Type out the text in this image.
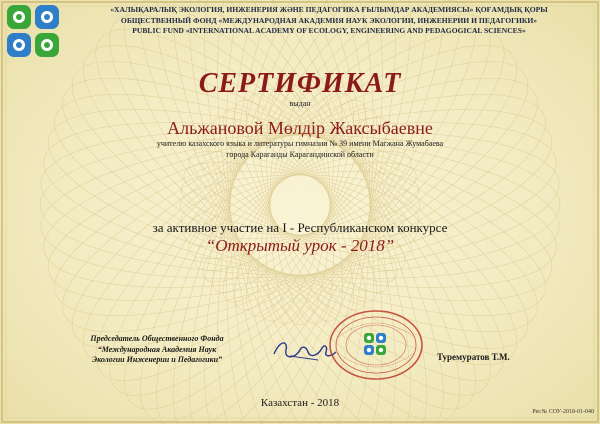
«ХАЛЫҚАРАЛЫҚ ЭКОЛОГИЯ, ИНЖЕНЕРИЯ ЖӘНЕ ПЕДАГОГИКА ҒЫЛЫМДАР АКАДЕМИЯСЫ» ҚОҒАМДЫҚ ҚОРЫ
ОБЩЕСТВЕННЫЙ ФОНД «МЕЖДУНАРОДНАЯ АКАДЕМИЯ НАУК ЭКОЛОГИИ, ИНЖЕНЕРИИ И ПЕДАГОГИКИ»
PUBLIC FUND «INTERNATIONAL ACADEMY OF ECOLOGY, ENGINEERING AND PEDAGOGICAL SCIENCES»
СЕРТИФИКАТ
выдан
Альжановой Мөлдір Жаксыбаевне
учителю казахского языка и литературы гимназии № 39 имени Магжана Жумабаева
города Караганды Карагандинской области
за активное участие на I - Республиканском конкурсе
“Открытый урок - 2018”
Председатель Общественного Фонда
“Международная Академия Наук
Экологии Инженерии и Педагогики”	Туремуратов Т.М.
Казахстан - 2018
Рег.№ СОУ-2018-01-040
